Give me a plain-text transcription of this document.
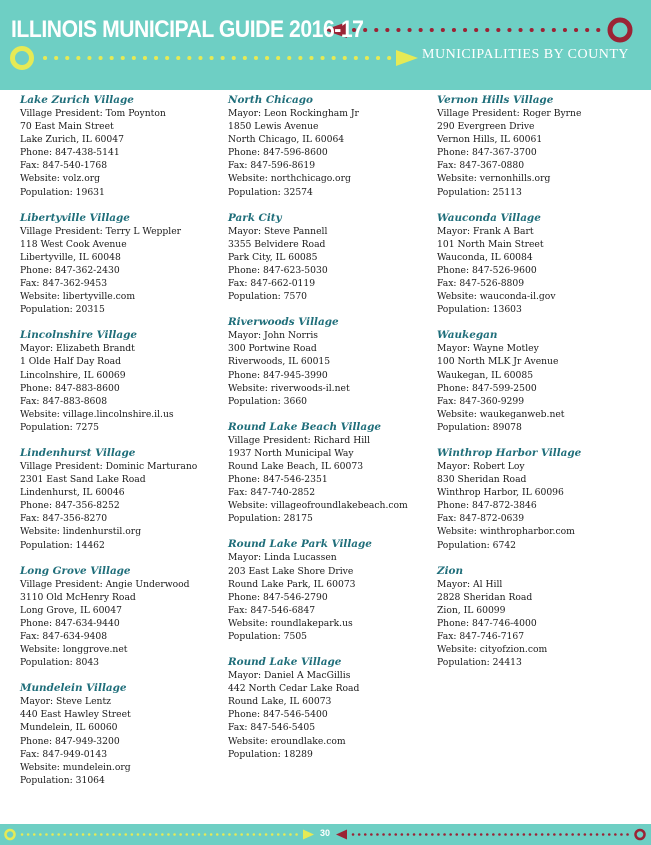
ILLINOIS MUNICIPAL GUIDE 2016-17
MUNICIPALITIES BY COUNTY
Lake Zurich Village
Village President: Tom Poynton
70 East Main Street
Lake Zurich, IL 60047
Phone: 847-438-5141
Fax: 847-540-1768
Website: volz.org
Population: 19631
Libertyville Village
Village President: Terry L Weppler
118 West Cook Avenue
Libertyville, IL 60048
Phone: 847-362-2430
Fax: 847-362-9453
Website: libertyville.com
Population: 20315
Lincolnshire Village
Mayor: Elizabeth Brandt
1 Olde Half Day Road
Lincolnshire, IL 60069
Phone: 847-883-8600
Fax: 847-883-8608
Website: village.lincolnshire.il.us
Population: 7275
Lindenhurst Village
Village President: Dominic Marturano
2301 East Sand Lake Road
Lindenhurst, IL 60046
Phone: 847-356-8252
Fax: 847-356-8270
Website: lindenhurstil.org
Population: 14462
Long Grove Village
Village President: Angie Underwood
3110 Old McHenry Road
Long Grove, IL 60047
Phone: 847-634-9440
Fax: 847-634-9408
Website: longgrove.net
Population: 8043
Mundelein Village
Mayor: Steve Lentz
440 East Hawley Street
Mundelein, IL 60060
Phone: 847-949-3200
Fax: 847-949-0143
Website: mundelein.org
Population: 31064
North Chicago
Mayor: Leon Rockingham Jr
1850 Lewis Avenue
North Chicago, IL 60064
Phone: 847-596-8600
Fax: 847-596-8619
Website: northchicago.org
Population: 32574
Park City
Mayor: Steve Pannell
3355 Belvidere Road
Park City, IL 60085
Phone: 847-623-5030
Fax: 847-662-0119
Population: 7570
Riverwoods Village
Mayor: John Norris
300 Portwine Road
Riverwoods, IL 60015
Phone: 847-945-3990
Website: riverwoods-il.net
Population: 3660
Round Lake Beach Village
Village President: Richard Hill
1937 North Municipal Way
Round Lake Beach, IL 60073
Phone: 847-546-2351
Fax: 847-740-2852
Website: villageofroundlakebeach.com
Population: 28175
Round Lake Park Village
Mayor: Linda Lucassen
203 East Lake Shore Drive
Round Lake Park, IL 60073
Phone: 847-546-2790
Fax: 847-546-6847
Website: roundlakepark.us
Population: 7505
Round Lake Village
Mayor: Daniel A MacGillis
442 North Cedar Lake Road
Round Lake, IL 60073
Phone: 847-546-5400
Fax: 847-546-5405
Website: eroundlake.com
Population: 18289
Vernon Hills Village
Village President: Roger Byrne
290 Evergreen Drive
Vernon Hills, IL 60061
Phone: 847-367-3700
Fax: 847-367-0880
Website: vernonhills.org
Population: 25113
Wauconda Village
Mayor: Frank A Bart
101 North Main Street
Wauconda, IL 60084
Phone: 847-526-9600
Fax: 847-526-8809
Website: wauconda-il.gov
Population: 13603
Waukegan
Mayor: Wayne Motley
100 North MLK Jr Avenue
Waukegan, IL 60085
Phone: 847-599-2500
Fax: 847-360-9299
Website: waukeganweb.net
Population: 89078
Winthrop Harbor Village
Mayor: Robert Loy
830 Sheridan Road
Winthrop Harbor, IL 60096
Phone: 847-872-3846
Fax: 847-872-0639
Website: winthropharbor.com
Population: 6742
Zion
Mayor: Al Hill
2828 Sheridan Road
Zion, IL 60099
Phone: 847-746-4000
Fax: 847-746-7167
Website: cityofzion.com
Population: 24413
30
